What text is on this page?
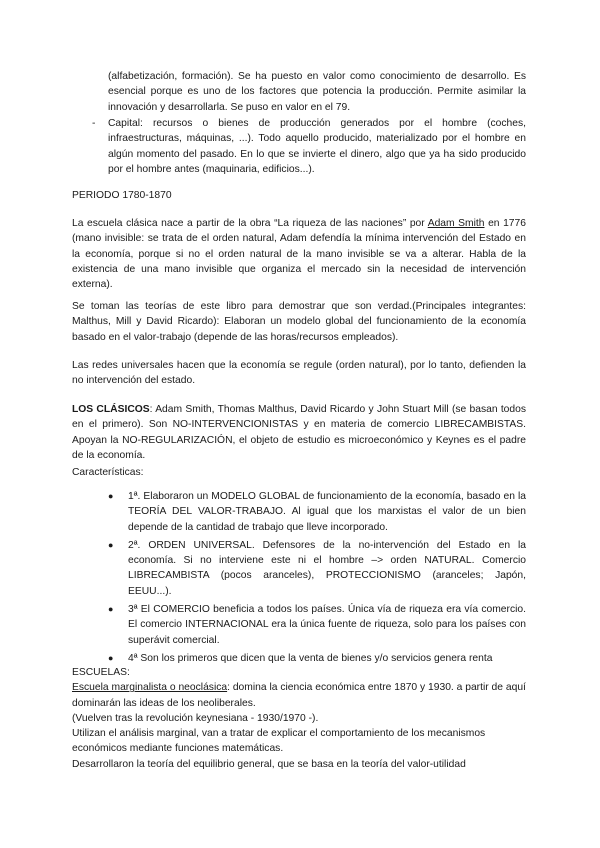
(alfabetización, formación). Se ha puesto en valor como conocimiento de desarrollo. Es esencial porque es uno de los factores que potencia la producción. Permite asimilar la innovación y desarrollarla. Se puso en valor en el 79.

-	Capital: recursos o bienes de producción generados por el hombre (coches, infraestructuras, máquinas, ...). Todo aquello producido, materializado por el hombre en algún momento del pasado. En lo que se invierte el dinero, algo que ya ha sido producido por el hombre antes (maquinaria, edificios...).

PERIODO 1780-1870

La escuela clásica nace a partir de la obra “La riqueza de las naciones” por Adam Smith en 1776 (mano invisible: se trata de el orden natural, Adam defendía la mínima intervención del Estado en la economía, porque si no el orden natural de la mano invisible se va a alterar. Habla de la existencia de una mano invisible que organiza el mercado sin la necesidad de intervención externa).

Se toman las teorías de este libro para demostrar que son verdad.(Principales integrantes: Malthus, Mill y David Ricardo): Elaboran un modelo global del funcionamiento de la economía basado en el valor-trabajo (depende de las horas/recursos empleados).

Las redes universales hacen que la economía se regule (orden natural), por lo tanto, defienden la no intervención del estado.

LOS CLÁSICOS: Adam Smith, Thomas Malthus, David Ricardo y John Stuart Mill (se basan todos en el primero). Son NO-INTERVENCIONISTAS y en materia de comercio LIBRECAMBISTAS. Apoyan la NO-REGULARIZACIÓN, el objeto de estudio es microeconómico y Keynes es el padre de la economía.

Características:

●	1ª. Elaboraron un MODELO GLOBAL de funcionamiento de la economía, basado en la TEORÍA DEL VALOR-TRABAJO. Al igual que los marxistas el valor de un bien depende de la cantidad de trabajo que lleve incorporado.

●	2ª. ORDEN UNIVERSAL. Defensores de la no-intervención del Estado en la economía. Si no interviene este ni el hombre –> orden NATURAL. Comercio LIBRECAMBISTA (pocos aranceles), PROTECCIONISMO (aranceles; Japón, EEUU...).

●	3ª El COMERCIO beneficia a todos los países. Única vía de riqueza era vía comercio. El comercio INTERNACIONAL era la única fuente de riqueza, solo para los países con superávit comercial.

●	4ª Son los primeros que dicen que la venta de bienes y/o servicios genera renta

ESCUELAS:

Escuela marginalista o neoclásica: domina la ciencia económica entre 1870 y 1930. a partir de aquí dominarán las ideas de los neoliberales.

(Vuelven tras la revolución keynesiana - 1930/1970 -).

Utilizan el análisis marginal, van a tratar de explicar el comportamiento de los mecanismos económicos mediante funciones matemáticas.

Desarrollaron la teoría del equilibrio general, que se basa en la teoría del valor-utilidad
